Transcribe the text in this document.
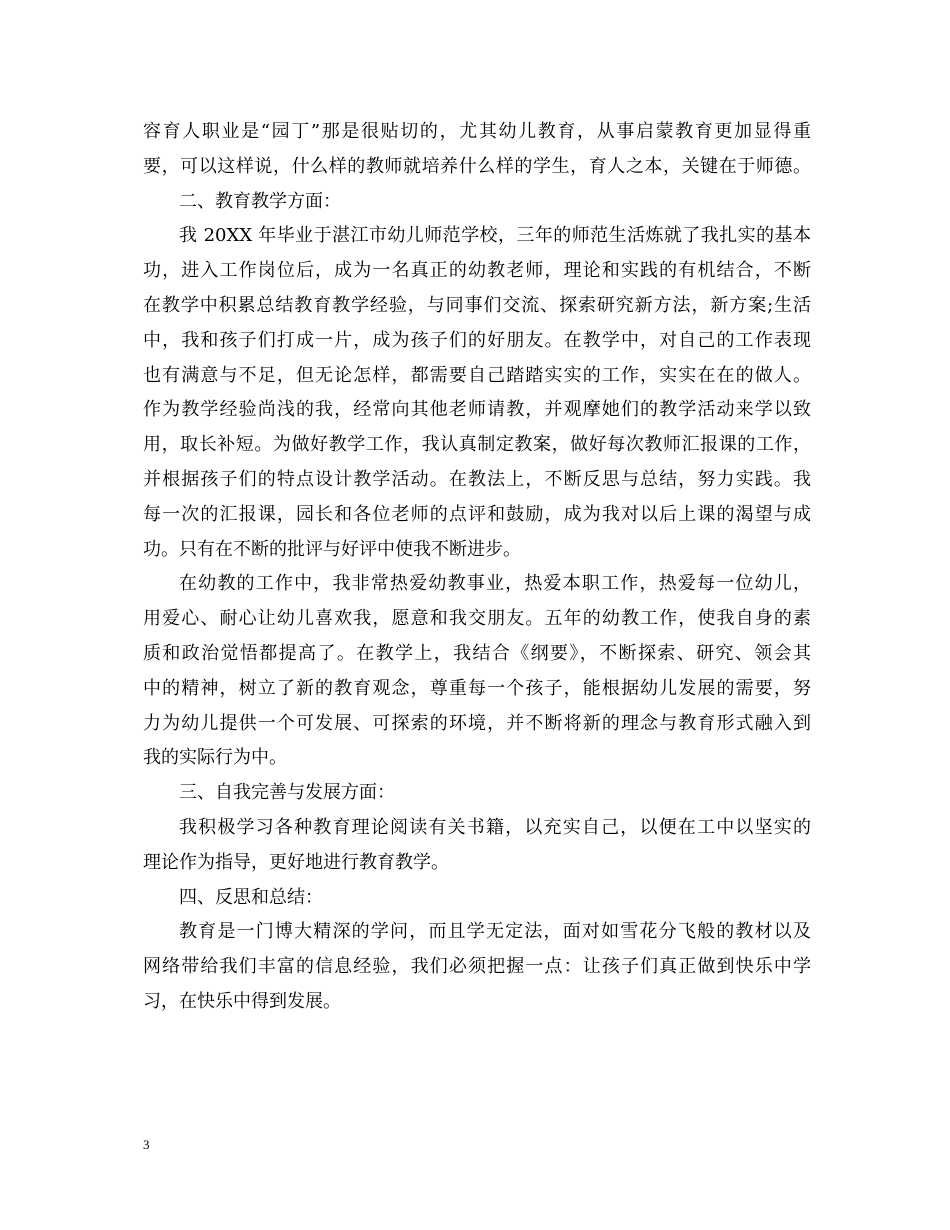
容育人职业是“园丁”那是很贴切的，尤其幼儿教育，从事启蒙教育更加显得重
要，可以这样说，什么样的教师就培养什么样的学生，育人之本，关键在于师德。
二、教育教学方面：
我 20XX 年毕业于湛江市幼儿师范学校，三年的师范生活炼就了我扎实的基本
功，进入工作岗位后，成为一名真正的幼教老师，理论和实践的有机结合，不断
在教学中积累总结教育教学经验，与同事们交流、探索研究新方法，新方案;生活
中，我和孩子们打成一片，成为孩子们的好朋友。在教学中，对自己的工作表现
也有满意与不足，但无论怎样，都需要自己踏踏实实的工作，实实在在的做人。
作为教学经验尚浅的我，经常向其他老师请教，并观摩她们的教学活动来学以致
用，取长补短。为做好教学工作，我认真制定教案，做好每次教师汇报课的工作，
并根据孩子们的特点设计教学活动。在教法上，不断反思与总结，努力实践。我
每一次的汇报课，园长和各位老师的点评和鼓励，成为我对以后上课的渴望与成
功。只有在不断的批评与好评中使我不断进步。
在幼教的工作中，我非常热爱幼教事业，热爱本职工作，热爱每一位幼儿，
用爱心、耐心让幼儿喜欢我，愿意和我交朋友。五年的幼教工作，使我自身的素
质和政治觉悟都提高了。在教学上，我结合《纲要》，不断探索、研究、领会其
中的精神，树立了新的教育观念，尊重每一个孩子，能根据幼儿发展的需要，努
力为幼儿提供一个可发展、可探索的环境，并不断将新的理念与教育形式融入到
我的实际行为中。
三、自我完善与发展方面：
我积极学习各种教育理论阅读有关书籍，以充实自己，以便在工中以坚实的
理论作为指导，更好地进行教育教学。
四、反思和总结：
教育是一门博大精深的学问，而且学无定法，面对如雪花分飞般的教材以及
网络带给我们丰富的信息经验，我们必须把握一点：让孩子们真正做到快乐中学
习，在快乐中得到发展。
3
